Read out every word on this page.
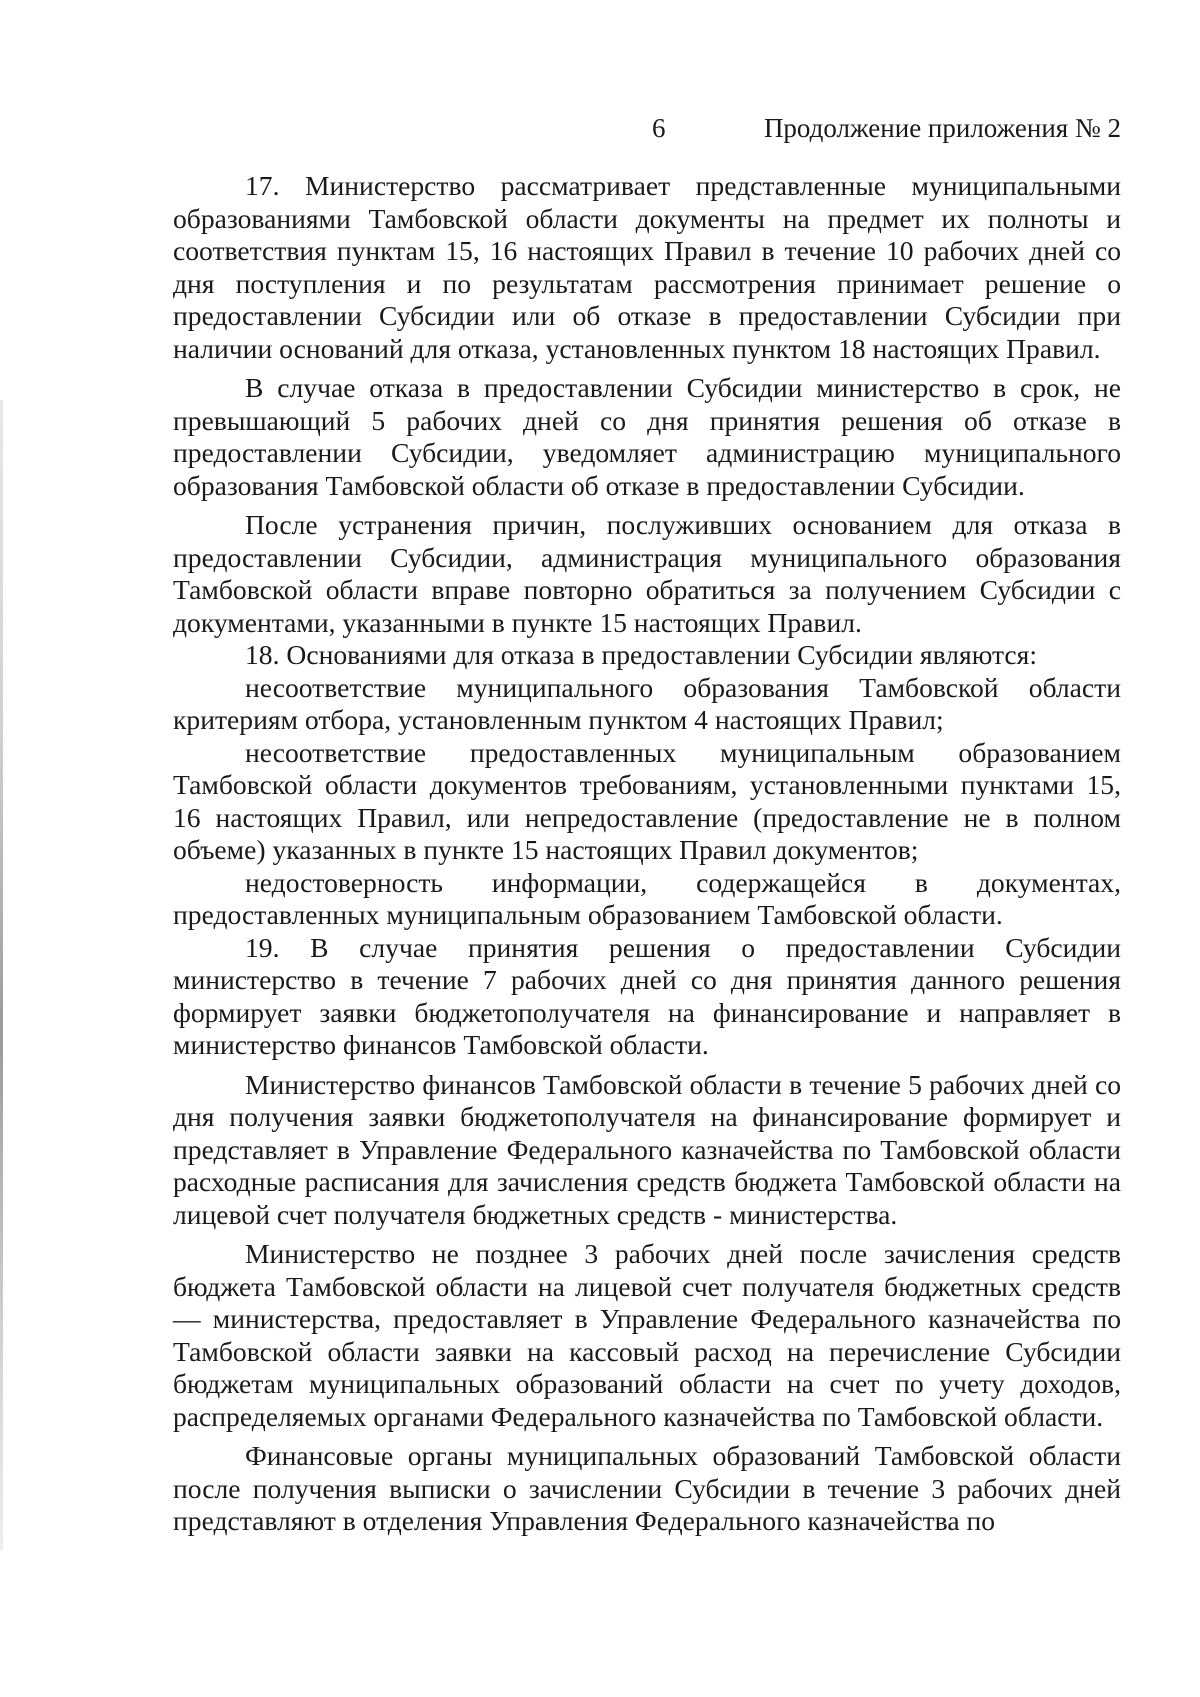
6	Продолжение приложения № 2

17. Министерство рассматривает представленные муниципальными образованиями Тамбовской области документы на предмет их полноты и соответствия пунктам 15, 16 настоящих Правил в течение 10 рабочих дней со дня поступления и по результатам рассмотрения принимает решение о предоставлении Субсидии или об отказе в предоставлении Субсидии при наличии оснований для отказа, установленных пунктом 18 настоящих Правил.

В случае отказа в предоставлении Субсидии министерство в срок, не превышающий 5 рабочих дней со дня принятия решения об отказе в предоставлении Субсидии, уведомляет администрацию муниципального образования Тамбовской области об отказе в предоставлении Субсидии.

После устранения причин, послуживших основанием для отказа в предоставлении Субсидии, администрация муниципального образования Тамбовской области вправе повторно обратиться за получением Субсидии с документами, указанными в пункте 15 настоящих Правил.

18. Основаниями для отказа в предоставлении Субсидии являются:

несоответствие муниципального образования Тамбовской области критериям отбора, установленным пунктом 4 настоящих Правил;

несоответствие предоставленных муниципальным образованием Тамбовской области документов требованиям, установленными пунктами 15, 16 настоящих Правил, или непредоставление (предоставление не в полном объеме) указанных в пункте 15 настоящих Правил документов;

недостоверность информации, содержащейся в документах, предоставленных муниципальным образованием Тамбовской области.

19. В случае принятия решения о предоставлении Субсидии министерство в течение 7 рабочих дней со дня принятия данного решения формирует заявки бюджетополучателя на финансирование и направляет в министерство финансов Тамбовской области.

Министерство финансов Тамбовской области в течение 5 рабочих дней со дня получения заявки бюджетополучателя на финансирование формирует и представляет в Управление Федерального казначейства по Тамбовской области расходные расписания для зачисления средств бюджета Тамбовской области на лицевой счет получателя бюджетных средств - министерства.

Министерство не позднее 3 рабочих дней после зачисления средств бюджета Тамбовской области на лицевой счет получателя бюджетных средств — министерства, предоставляет в Управление Федерального казначейства по Тамбовской области заявки на кассовый расход на перечисление Субсидии бюджетам муниципальных образований области на счет по учету доходов, распределяемых органами Федерального казначейства по Тамбовской области.

Финансовые органы муниципальных образований Тамбовской области после получения выписки о зачислении Субсидии в течение 3 рабочих дней представляют в отделения Управления Федерального казначейства по
